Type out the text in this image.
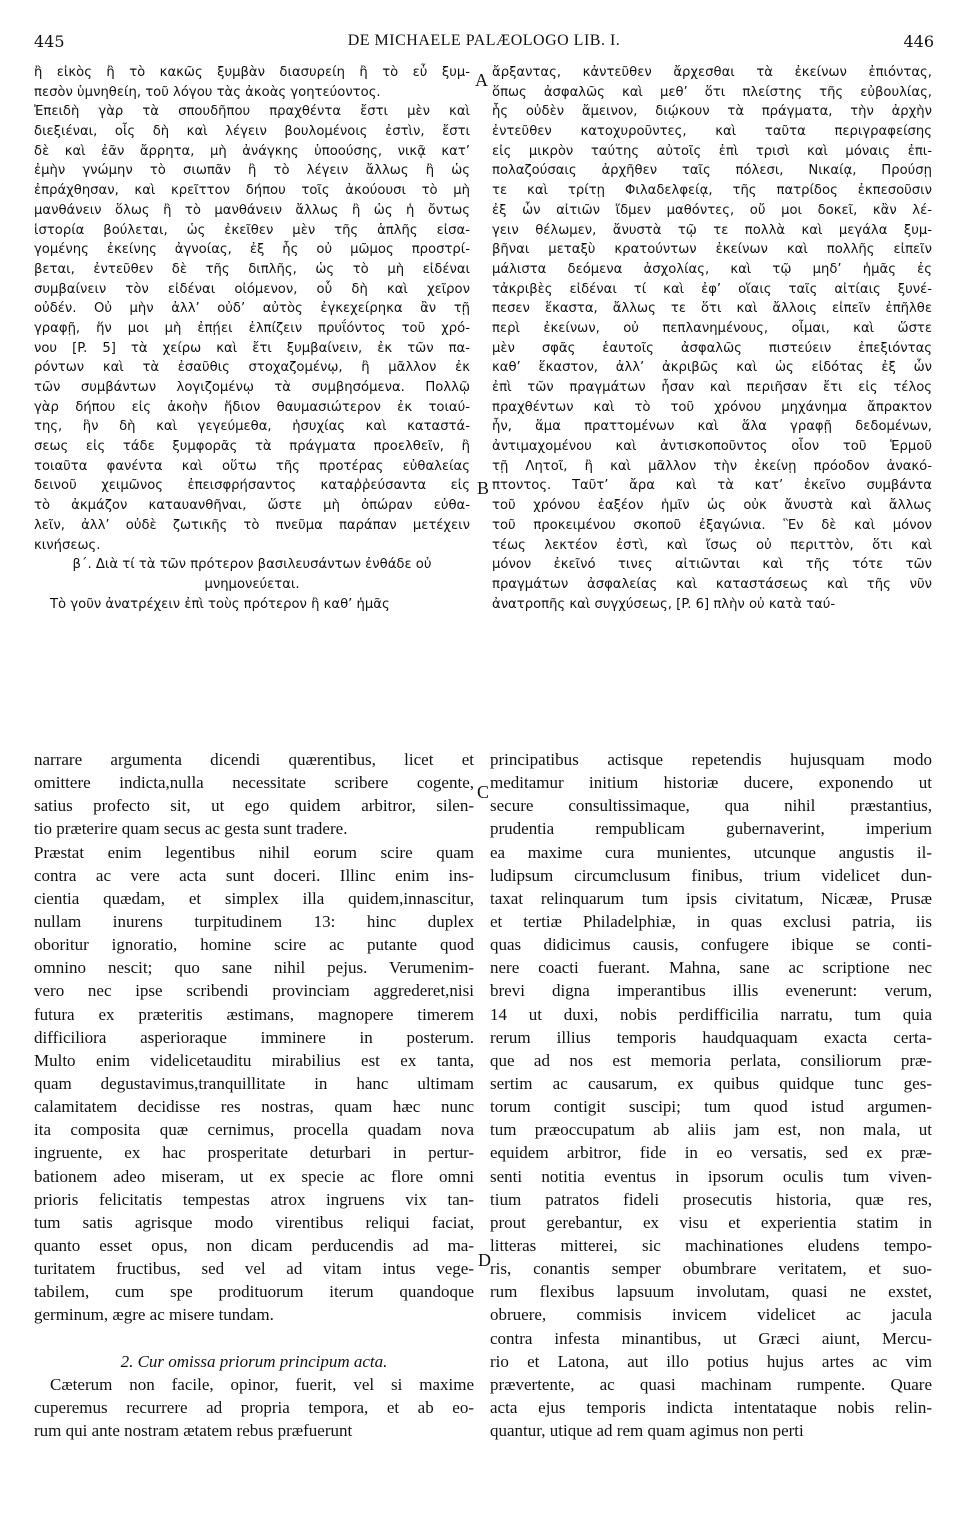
445	DE MICHAELE PALÆOLOGO LIB. I.	446
A
B
C
D
ἢ εἰκὸς ἢ τὸ κακῶς ξυμβὰν διασυρείη ἢ τὸ εὖ ξυμ-
πεσὸν ὑμνηθείη, τοῦ λόγου τὰς ἀκοὰς γοητεύοντος.
Ἐπειδὴ γὰρ τὰ σπουδῆπου πραχθέντα ἔστι μὲν καὶ
διεξιέναι, οἷς δὴ καὶ λέγειν βουλομένοις ἐστὶν, ἔστι
δὲ καὶ ἐᾶν ἄρρητα, μὴ ἀνάγκης ὑποούσης, νικᾷ κατ’
ἐμὴν γνώμην τὸ σιωπᾶν ἢ τὸ λέγειν ἄλλως ἢ ὡς
ἐπράχθησαν, καὶ κρεῖττον δήπου τοῖς ἀκούουσι τὸ μὴ
μανθάνειν ὅλως ἢ τὸ μανθάνειν ἄλλως ἢ ὡς ἡ ὄντως
ἱστορία βούλεται, ὡς ἐκεῖθεν μὲν τῆς ἁπλῆς εἰσα-
γομένης ἐκείνης ἀγνοίας, ἐξ ἧς οὐ μῶμος προστρί-
βεται, ἐντεῦθεν δὲ τῆς διπλῆς, ὡς τὸ μὴ εἰδέναι
συμβαίνειν τὸν εἰδέναι οἰόμενον, οὗ δὴ καὶ χεῖρον
οὐδέν. Οὐ μὴν ἀλλ’ οὐδ’ αὐτὸς ἐγκεχείρηκα ἂν τῇ
γραφῇ, ἥν μοι μὴ ἐπῄει ἐλπίζειν πρυΐόντος τοῦ χρό-
νου [P. 5] τὰ χείρω καὶ ἔτι ξυμβαίνειν, ἐκ τῶν πα-
ρόντων καὶ τὰ ἐσαῦθις στοχαζομένῳ, ἢ μᾶλλον ἐκ
τῶν συμβάντων λογιζομένῳ τὰ συμβησόμενα. Πολλῷ
γὰρ δήπου εἰς ἀκοὴν ἥδιον θαυμασιώτερον ἐκ τοιαύ-
της, ἣν δὴ καὶ γεγεύμεθα, ἡσυχίας καὶ καταστά-
σεως εἰς τάδε ξυμφορᾶς τὰ πράγματα προελθεῖν, ἢ
τοιαῦτα φανέντα καὶ οὕτω τῆς προτέρας εὐθαλείας
δεινοῦ χειμῶνος ἐπεισφρήσαντος καταῤῥεύσαντα εἰς
τὸ ἀκμάζον καταυανθῆναι, ὥστε μὴ ὀπώραν εὐθα-
λεῖν, ἀλλ’ οὐδὲ ζωτικῆς τὸ πνεῦμα παράπαν μετέχειν
κινήσεως.
β΄. Διὰ τί τὰ τῶν πρότερον βασιλευσάντων ἐνθάδε οὐ
μνημονεύεται.
Τὸ γοῦν ἀνατρέχειν ἐπὶ τοὺς πρότερον ἢ καθ’ ἡμᾶς
ἄρξαντας, κἀντεῦθεν ἄρχεσθαι τὰ ἐκείνων ἐπιόντας,
ὅπως ἀσφαλῶς καὶ μεθ’ ὅτι πλείστης τῆς εὐβουλίας,
ἧς οὐδὲν ἄμεινον, διῴκουν τὰ πράγματα, τὴν ἀρχὴν
ἐντεῦθεν κατοχυροῦντες, καὶ ταῦτα περιγραφείσης
εἰς μικρὸν ταύτης αὐτοῖς ἐπὶ τρισὶ καὶ μόναις ἐπι-
πολαζούσαις ἀρχῆθεν ταῖς πόλεσι, Νικαίᾳ, Προύσῃ
τε καὶ τρίτῃ Φιλαδελφείᾳ, τῆς πατρίδος ἐκπεσοῦσιν
ἐξ ὧν αἰτιῶν ἴδμεν μαθόντες, οὔ μοι δοκεῖ, κἂν λέ-
γειν θέλωμεν, ἄνυστὰ τῷ τε πολλὰ καὶ μεγάλα ξυμ-
βῆναι μεταξὺ κρατούντων ἐκείνων καὶ πολλῆς εἰπεῖν
μάλιστα δεόμενα ἀσχολίας, καὶ τῷ μηδ’ ἡμᾶς ἐς
τἀκριβὲς εἰδέναι τί καὶ ἐφ’ οἵαις ταῖς αἰτίαις ξυνέ-
πεσεν ἕκαστα, ἄλλως τε ὅτι καὶ ἄλλοις εἰπεῖν ἐπῆλθε
περὶ ἐκείνων, οὐ πεπλανημένους, οἶμαι, καὶ ὥστε
μὲν σφᾶς ἑαυτοῖς ἀσφαλῶς πιστεύειν ἐπεξιόντας
καθ’ ἕκαστον, ἀλλ’ ἀκριβῶς καὶ ὡς εἰδότας ἐξ ὧν
ἐπὶ τῶν πραγμάτων ἦσαν καὶ περιῆσαν ἔτι εἰς τέλος
πραχθέντων καὶ τὸ τοῦ χρόνου μηχάνημα ἄπρακτον
ἦν, ἅμα πραττομένων καὶ ἅλα γραφῇ δεδομένων,
ἀντιμαχομένου καὶ ἀντισκοποῦντος οἷον τοῦ Ἑρμοῦ
τῇ Λητοῖ, ἢ καὶ μᾶλλον τὴν ἐκείνῃ πρόοδον ἀνακό-
πτοντος. Ταῦτ’ ἄρα καὶ τὰ κατ’ ἐκεῖνο συμβάντα
τοῦ χρόνου ἐαξέον ἡμῖν ὡς οὐκ ἄνυστὰ καὶ ἄλλως
τοῦ προκειμένου σκοποῦ ἐξαγώνια. Ἓν δὲ καὶ μόνον
τέως λεκτέον ἐστὶ, καὶ ἴσως οὐ περιττὸν, ὅτι καὶ
μόνον ἐκεῖνό τινες αἰτιῶνται καὶ τῆς τότε τῶν
πραγμάτων ἀσφαλείας καὶ καταστάσεως καὶ τῆς νῦν
ἀνατροπῆς καὶ συγχύσεως, [P. 6] πλὴν οὐ κατὰ ταύ-
narrare argumenta dicendi quærentibus, licet et
omittere indicta,nulla necessitate scribere cogente,
satius profecto sit, ut ego quidem arbitror, silen-
tio præterire quam secus ac gesta sunt tradere.
Præstat enim legentibus nihil eorum scire quam
contra ac vere acta sunt doceri. Illinc enim ins-
cientia quædam, et simplex illa quidem,innascitur,
nullam inurens turpitudinem 13: hinc duplex
oboritur ignoratio, homine scire ac putante quod
omnino nescit; quo sane nihil pejus. Verumenim-
vero nec ipse scribendi provinciam aggrederet,nisi
futura ex præteritis æstimans, magnopere timerem
difficiliora asperioraque imminere in posterum.
Multo enim videlicetauditu mirabilius est ex tanta,
quam degustavimus,tranquillitate in hanc ultimam
calamitatem decidisse res nostras, quam hæc nunc
ita composita quæ cernimus, procella quadam nova
ingruente, ex hac prosperitate deturbari in pertur-
bationem adeo miseram, ut ex specie ac flore omni
prioris felicitatis tempestas atrox ingruens vix tan-
tum satis agrisque modo virentibus reliqui faciat,
quanto esset opus, non dicam perducendis ad ma-
turitatem fructibus, sed vel ad vitam intus vege-
tabilem, cum spe prodituorum iterum quandoque
germinum, ægre ac misere tundam.
2. Cur omissa priorum principum acta.
Cæterum non facile, opinor, fuerit, vel si maxime
cuperemus recurrere ad propria tempora, et ab eo-
rum qui ante nostram ætatem rebus præfuerunt
principatibus actisque repetendis hujusquam modo
meditamur initium historiæ ducere, exponendo ut
secure consultissimaque, qua nihil præstantius,
prudentia rempublicam gubernaverint, imperium
ea maxime cura munientes, utcunque angustis il-
ludipsum circumclusum finibus, trium videlicet dun-
taxat relinquarum tum ipsis civitatum, Nicææ, Prusæ
et tertiæ Philadelphiæ, in quas exclusi patria, iis
quas didicimus causis, confugere ibique se conti-
nere coacti fuerant. Mahna, sane ac scriptione nec
brevi digna imperantibus illis evenerunt: verum,
14 ut duxi, nobis perdifficilia narratu, tum quia
rerum illius temporis haudquaquam exacta certa-
que ad nos est memoria perlata, consiliorum præ-
sertim ac causarum, ex quibus quidque tunc ges-
torum contigit suscipi; tum quod istud argumen-
tum præoccupatum ab aliis jam est, non mala, ut
equidem arbitror, fide in eo versatis, sed ex præ-
senti notitia eventus in ipsorum oculis tum viven-
tium patratos fideli prosecutis historia, quæ res,
prout gerebantur, ex visu et experientia statim in
litteras mitterei, sic machinationes eludens tempo-
ris, conantis semper obumbrare veritatem, et suo-
rum flexibus lapsuum involutam, quasi ne exstet,
obruere, commisis invicem videlicet ac jacula
contra infesta minantibus, ut Græci aiunt, Mercu-
rio et Latona, aut illo potius hujus artes ac vim
prævertente, ac quasi machinam rumpente. Quare
acta ejus temporis indicta intentataque nobis relin-
quantur, utique ad rem quam agimus non perti
